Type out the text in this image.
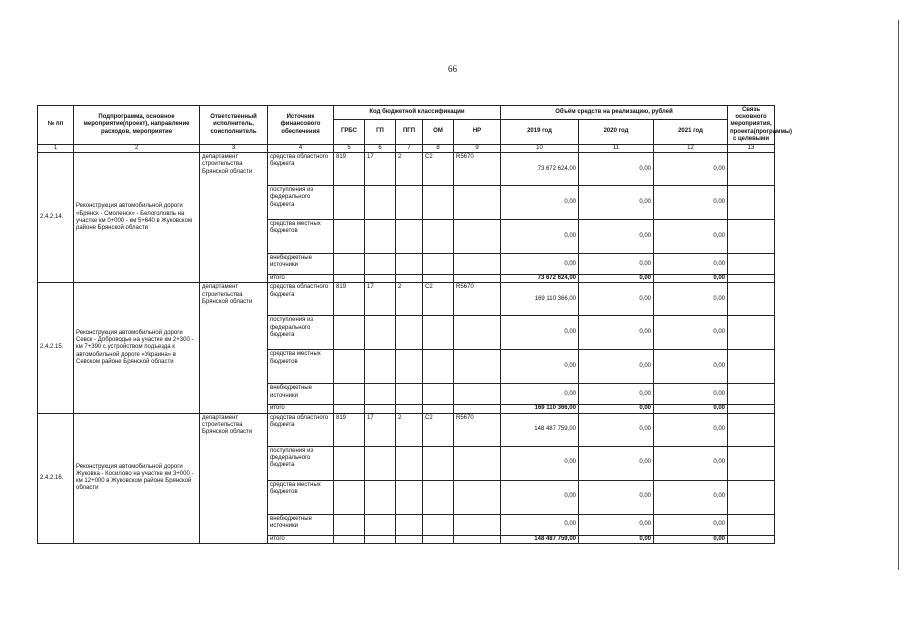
66
№ пп	Подпрограмма, основное мероприятие(проект), направление расходов, мероприятие	Ответственный исполнитель, соисполнитель	Источник финансового обеспечения	Код бюджетной классификации					Объём средств на реализацию, рублей			Связь основного мероприятия, проекта(программы) с целевыми
				ГРБС	ГП	ПГП	ОМ	НР	2019 год	2020 год	2021 год	
1	2	3	4	5	6	7	8	9	10	11	12	13
2.4.2.14.	Реконструкция автомобильной дороги «Брянск - Смоленск» - Белоголовль на участке км 0+000 - км 5+640 в Жуковском районе Брянской области	департамент строительства Брянской области	средства областного бюджета	819	17	2	С2	R5670	73 672 624,00	0,00	0,00	
			поступления из федерального бюджета						0,00	0,00	0,00	
			средства местных бюджетов						0,00	0,00	0,00	
			внебюджетные источники						0,00	0,00	0,00	
			итого						73 672 624,00	0,00	0,00	
2.4.2.15.	Реконструкция автомобильной дороги Севск - Доброводье на участке км 2+300 - км 7+390 с устройством подъезда к автомобильной дороге «Украина» в Севском районе Брянской области	департамент строительства Брянской области	средства областного бюджета	819	17	2	С2	R5670	169 110 366,00	0,00	0,00	
			поступления из федерального бюджета						0,00	0,00	0,00	
			средства местных бюджетов						0,00	0,00	0,00	
			внебюджетные источники						0,00	0,00	0,00	
			итого						169 110 366,00	0,00	0,00	
2.4.2.16.	Реконструкция автомобильной дороги Жуковка - Косилово на участке км 3+000 - км 12+000 в Жуковском районе Брянской области	департамент строительства Брянской области	средства областного бюджета	819	17	2	С2	R5670	148 487 759,00	0,00	0,00	
			поступления из федерального бюджета						0,00	0,00	0,00	
			средства местных бюджетов						0,00	0,00	0,00	
			внебюджетные источники						0,00	0,00	0,00	
			итого						148 487 759,00	0,00	0,00	
